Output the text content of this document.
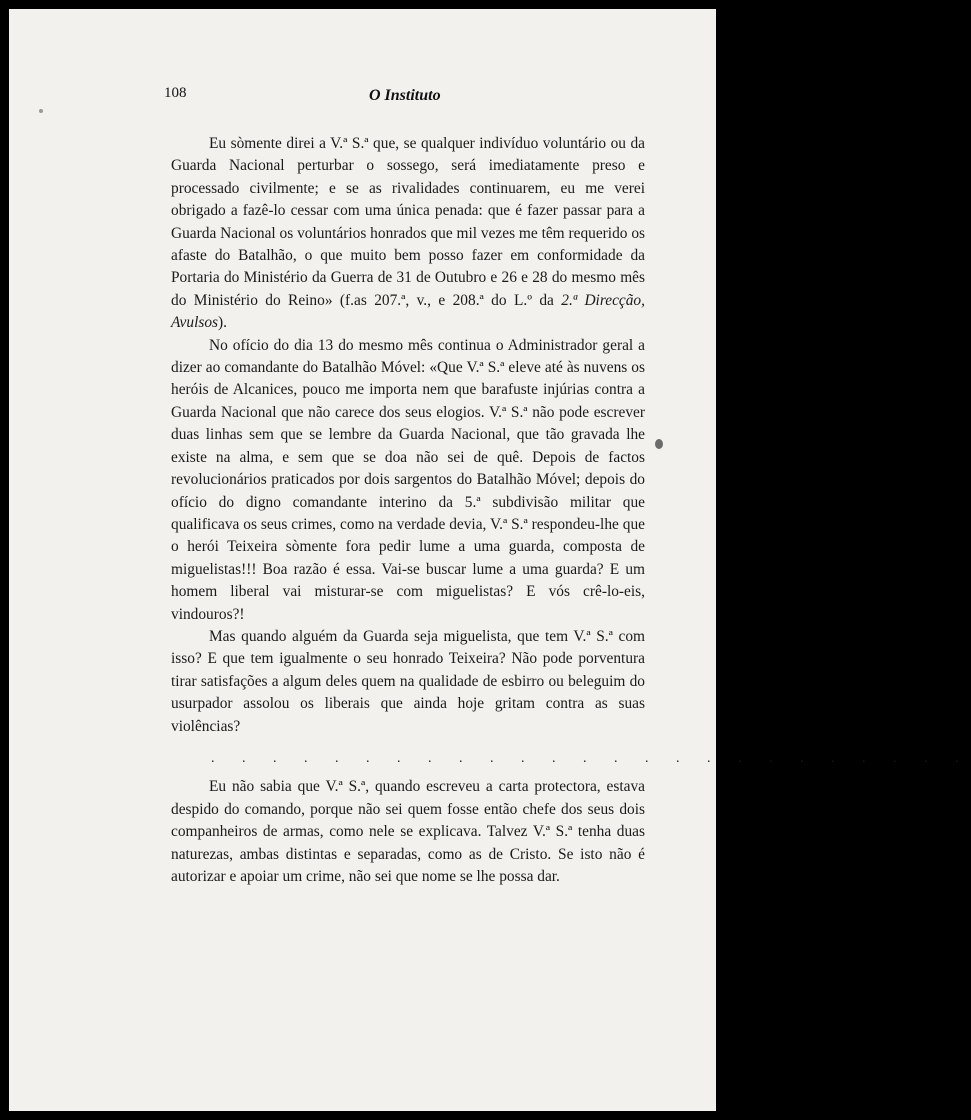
108	O Instituto

Eu sòmente direi a V.ª S.ª que, se qualquer indivíduo voluntário ou da Guarda Nacional perturbar o sossego, será imediatamente preso e processado civilmente; e se as rivalidades continuarem, eu me verei obrigado a fazê-lo cessar com uma única penada: que é fazer passar para a Guarda Nacional os voluntários honrados que mil vezes me têm requerido os afaste do Batalhão, o que muito bem posso fazer em conformidade da Portaria do Ministério da Guerra de 31 de Outubro e 26 e 28 do mesmo mês do Ministério do Reino» (f.as 207.ª, v., e 208.ª do L.º da 2.ª Direcção, Avulsos).

No ofício do dia 13 do mesmo mês continua o Administrador geral a dizer ao comandante do Batalhão Móvel: «Que V.ª S.ª eleve até às nuvens os heróis de Alcanices, pouco me importa nem que barafuste injúrias contra a Guarda Nacional que não carece dos seus elogios. V.ª S.ª não pode escrever duas linhas sem que se lembre da Guarda Nacional, que tão gravada lhe existe na alma, e sem que se doa não sei de quê. Depois de factos revolucionários praticados por dois sargentos do Batalhão Móvel; depois do ofício do digno comandante interino da 5.ª subdivisão militar que qualificava os seus crimes, como na verdade devia, V.ª S.ª respondeu-lhe que o herói Teixeira sòmente fora pedir lume a uma guarda, composta de miguelistas!!! Boa razão é essa. Vai-se buscar lume a uma guarda? E um homem liberal vai misturar-se com miguelistas? E vós crê-lo-eis, vindouros?!

Mas quando alguém da Guarda seja miguelista, que tem V.ª S.ª com isso? E que tem igualmente o seu honrado Teixeira? Não pode porventura tirar satisfações a algum deles quem na qualidade de esbirro ou beleguim do usurpador assolou os liberais que ainda hoje gritam contra as suas violências?

. . . . . . . . . . . . . . . . . . . . . . . . .

Eu não sabia que V.ª S.ª, quando escreveu a carta protectora, estava despido do comando, porque não sei quem fosse então chefe dos seus dois companheiros de armas, como nele se explicava. Talvez V.ª S.ª tenha duas naturezas, ambas distintas e separadas, como as de Cristo. Se isto não é autorizar e apoiar um crime, não sei que nome se lhe possa dar.
